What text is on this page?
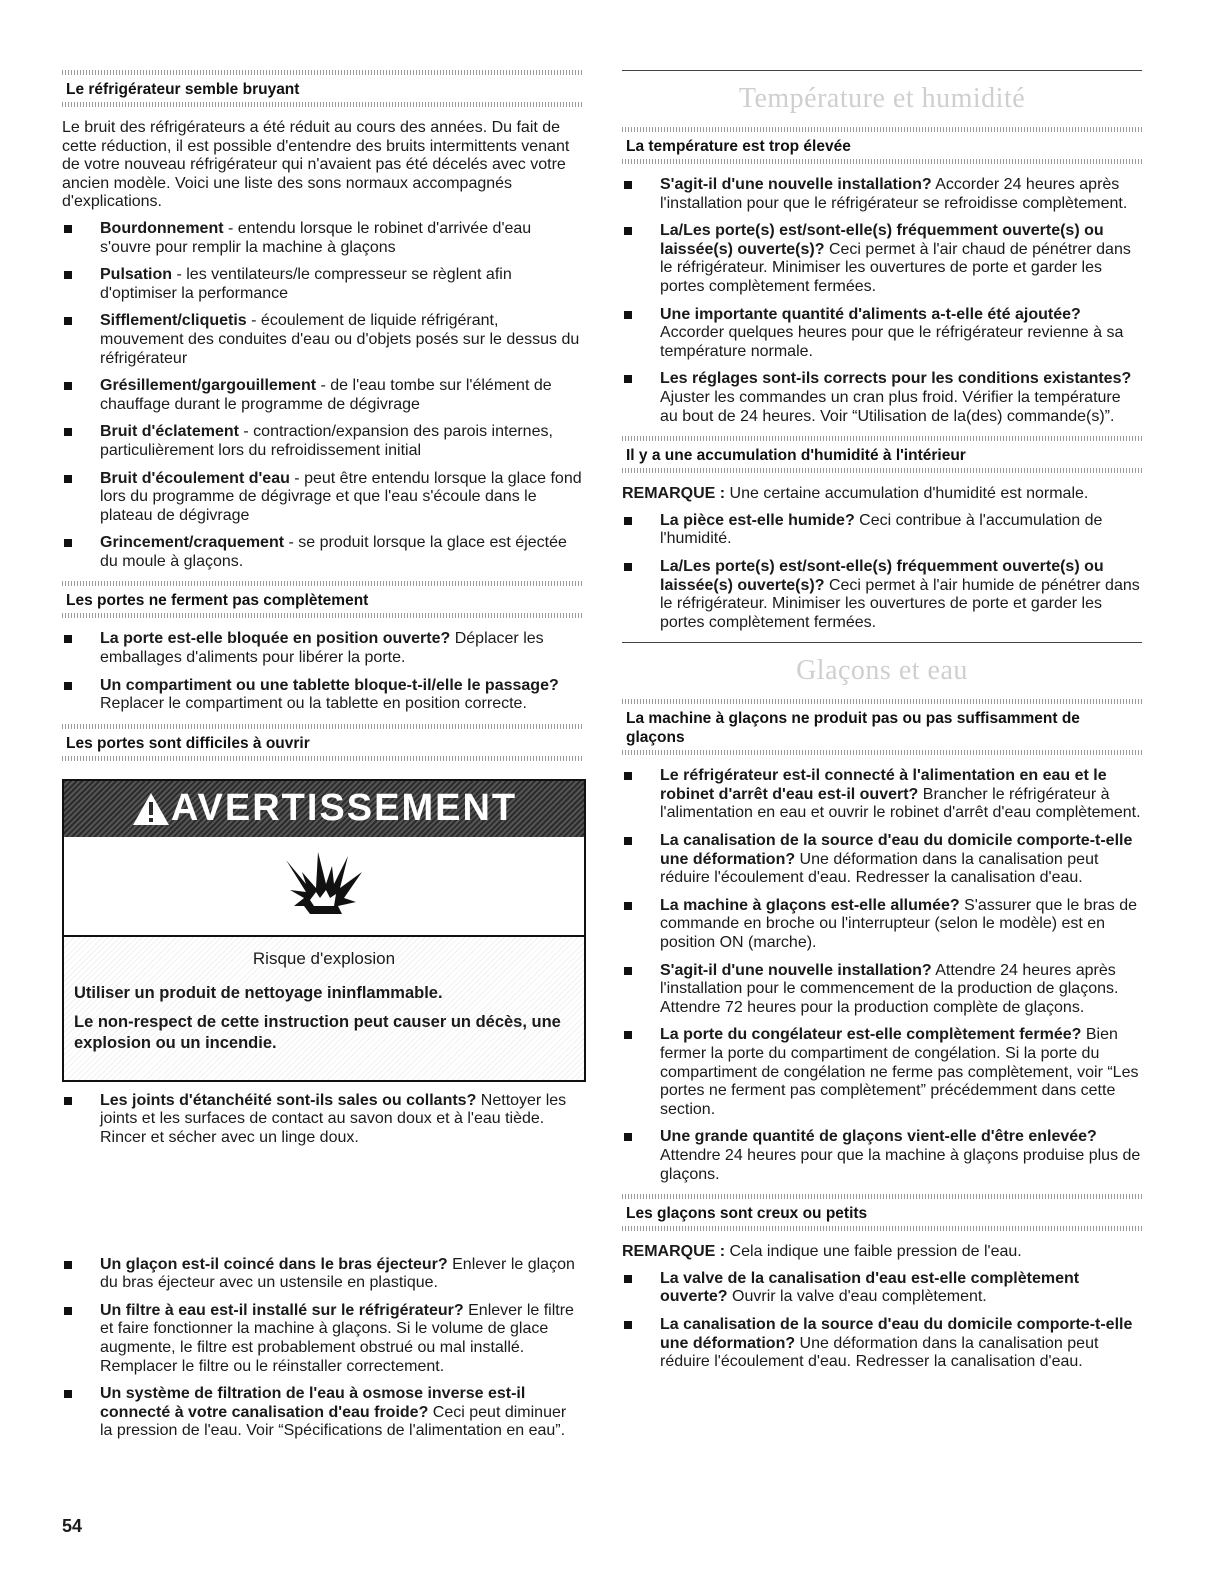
Le réfrigérateur semble bruyant

Le bruit des réfrigérateurs a été réduit au cours des années. Du fait de cette réduction, il est possible d'entendre des bruits intermittents venant de votre nouveau réfrigérateur qui n'avaient pas été décelés avec votre ancien modèle. Voici une liste des sons normaux accompagnés d'explications.

Bourdonnement - entendu lorsque le robinet d'arrivée d'eau s'ouvre pour remplir la machine à glaçons
Pulsation - les ventilateurs/le compresseur se règlent afin d'optimiser la performance
Sifflement/cliquetis - écoulement de liquide réfrigérant, mouvement des conduites d'eau ou d'objets posés sur le dessus du réfrigérateur
Grésillement/gargouillement - de l'eau tombe sur l'élément de chauffage durant le programme de dégivrage
Bruit d'éclatement - contraction/expansion des parois internes, particulièrement lors du refroidissement initial
Bruit d'écoulement d'eau - peut être entendu lorsque la glace fond lors du programme de dégivrage et que l'eau s'écoule dans le plateau de dégivrage
Grincement/craquement - se produit lorsque la glace est éjectée du moule à glaçons.
Les portes ne ferment pas complètement
La porte est-elle bloquée en position ouverte? Déplacer les emballages d'aliments pour libérer la porte.
Un compartiment ou une tablette bloque-t-il/elle le passage? Replacer le compartiment ou la tablette en position correcte.
Les portes sont difficiles à ouvrir
AVERTISSEMENT
Risque d'explosion
Utiliser un produit de nettoyage ininflammable.
Le non-respect de cette instruction peut causer un décès, une explosion ou un incendie.
Les joints d'étanchéité sont-ils sales ou collants? Nettoyer les joints et les surfaces de contact au savon doux et à l'eau tiède. Rincer et sécher avec un linge doux.
Un glaçon est-il coincé dans le bras éjecteur? Enlever le glaçon du bras éjecteur avec un ustensile en plastique.
Un filtre à eau est-il installé sur le réfrigérateur? Enlever le filtre et faire fonctionner la machine à glaçons. Si le volume de glace augmente, le filtre est probablement obstrué ou mal installé. Remplacer le filtre ou le réinstaller correctement.
Un système de filtration de l'eau à osmose inverse est-il connecté à votre canalisation d'eau froide? Ceci peut diminuer la pression de l'eau. Voir “Spécifications de l'alimentation en eau”.
54
Température et humidité
La température est trop élevée
S'agit-il d'une nouvelle installation? Accorder 24 heures après l'installation pour que le réfrigérateur se refroidisse complètement.
La/Les porte(s) est/sont-elle(s) fréquemment ouverte(s) ou laissée(s) ouverte(s)? Ceci permet à l'air chaud de pénétrer dans le réfrigérateur. Minimiser les ouvertures de porte et garder les portes complètement fermées.
Une importante quantité d'aliments a-t-elle été ajoutée? Accorder quelques heures pour que le réfrigérateur revienne à sa température normale.
Les réglages sont-ils corrects pour les conditions existantes? Ajuster les commandes un cran plus froid. Vérifier la température au bout de 24 heures. Voir “Utilisation de la(des) commande(s)”.
Il y a une accumulation d'humidité à l'intérieur

REMARQUE : Une certaine accumulation d'humidité est normale.

La pièce est-elle humide? Ceci contribue à l'accumulation de l'humidité.
La/Les porte(s) est/sont-elle(s) fréquemment ouverte(s) ou laissée(s) ouverte(s)? Ceci permet à l'air humide de pénétrer dans le réfrigérateur. Minimiser les ouvertures de porte et garder les portes complètement fermées.
Glaçons et eau
La machine à glaçons ne produit pas ou pas suffisamment de glaçons
Le réfrigérateur est-il connecté à l'alimentation en eau et le robinet d'arrêt d'eau est-il ouvert? Brancher le réfrigérateur à l'alimentation en eau et ouvrir le robinet d'arrêt d'eau complètement.
La canalisation de la source d'eau du domicile comporte-t-elle une déformation? Une déformation dans la canalisation peut réduire l'écoulement d'eau. Redresser la canalisation d'eau.
La machine à glaçons est-elle allumée? S'assurer que le bras de commande en broche ou l'interrupteur (selon le modèle) est en position ON (marche).
S'agit-il d'une nouvelle installation? Attendre 24 heures après l'installation pour le commencement de la production de glaçons. Attendre 72 heures pour la production complète de glaçons.
La porte du congélateur est-elle complètement fermée? Bien fermer la porte du compartiment de congélation. Si la porte du compartiment de congélation ne ferme pas complètement, voir “Les portes ne ferment pas complètement” précédemment dans cette section.
Une grande quantité de glaçons vient-elle d'être enlevée? Attendre 24 heures pour que la machine à glaçons produise plus de glaçons.
Les glaçons sont creux ou petits

REMARQUE : Cela indique une faible pression de l'eau.

La valve de la canalisation d'eau est-elle complètement ouverte? Ouvrir la valve d'eau complètement.
La canalisation de la source d'eau du domicile comporte-t-elle une déformation? Une déformation dans la canalisation peut réduire l'écoulement d'eau. Redresser la canalisation d'eau.
